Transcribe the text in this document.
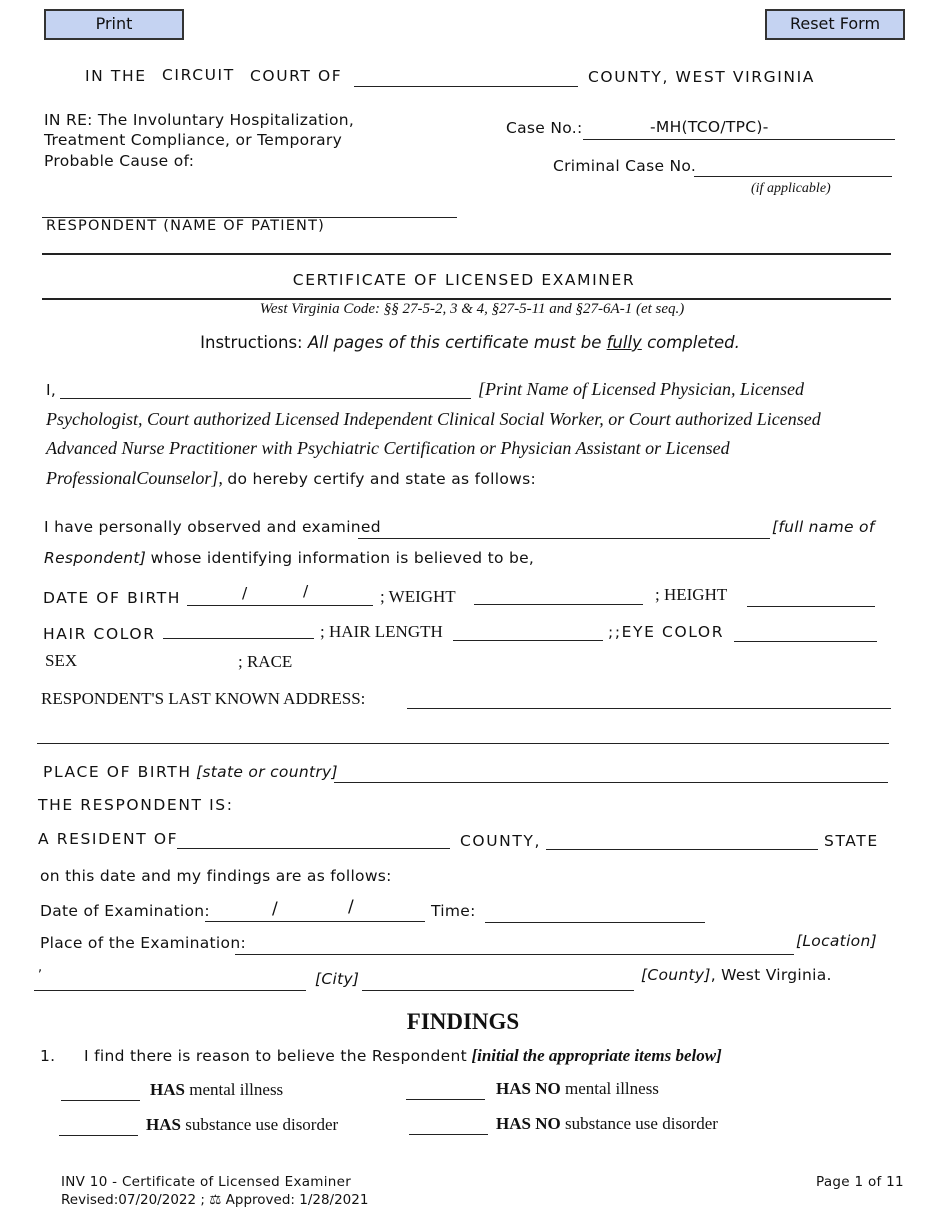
Print	Reset Form
IN THE CIRCUIT COURT OF	COUNTY, WEST VIRGINIA
IN RE: The Involuntary Hospitalization,
Treatment Compliance, or Temporary
Probable Cause of:
Case No.:	-MH(TCO/TPC)-
Criminal Case No.
(if applicable)
RESPONDENT (NAME OF PATIENT)
CERTIFICATE OF LICENSED EXAMINER
West Virginia Code: §§ 27-5-2, 3 & 4, §27-5-11 and §27-6A-1 (et seq.)
Instructions: All pages of this certificate must be fully completed.
I,	[Print Name of Licensed Physician, Licensed
Psychologist, Court authorized Licensed Independent Clinical Social Worker, or Court authorized Licensed
Advanced Nurse Practitioner with Psychiatric Certification or Physician Assistant or Licensed
ProfessionalCounselor], do hereby certify and state as follows:
I have personally observed and examined	[full name of
Respondent] whose identifying information is believed to be,
DATE OF BIRTH	/	/	; WEIGHT	; HEIGHT
HAIR COLOR	; HAIR LENGTH	;;EYE COLOR
SEX	; RACE
RESPONDENT'S LAST KNOWN ADDRESS:
PLACE OF BIRTH [state or country]
THE RESPONDENT IS:
A RESIDENT OF	COUNTY,	STATE
on this date and my findings are as follows:
Date of Examination:	/	/	Time:
Place of the Examination:	[Location]
,
[City]	[County], West Virginia.
FINDINGS
1. I find there is reason to believe the Respondent [initial the appropriate items below]
HAS mental illness	HAS NO mental illness
HAS substance use disorder	HAS NO substance use disorder
INV 10 - Certificate of Licensed Examiner
Revised:07/20/2022 ; ⚖ Approved: 1/28/2021
Page 1 of 11
